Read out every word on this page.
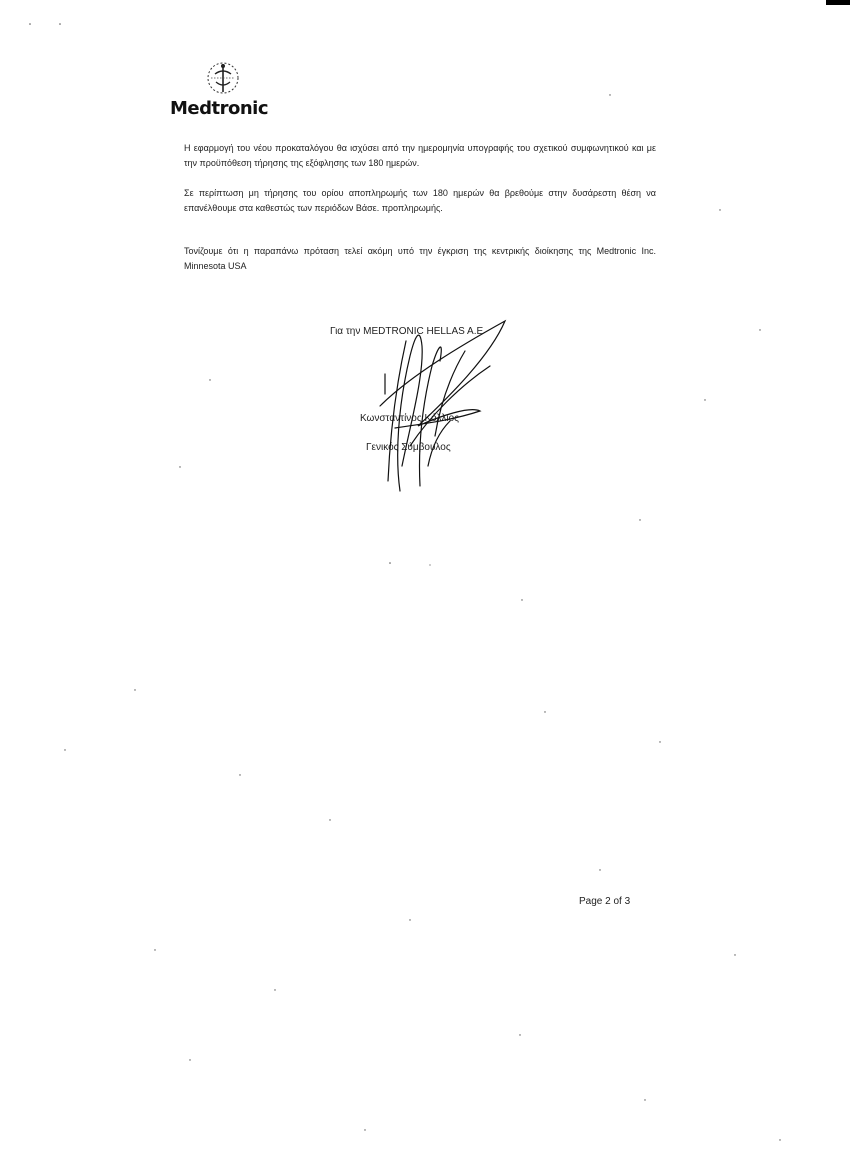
Medtronic
Η εφαρμογή του νέου προκαταλόγου θα ισχύσει από την ημερομηνία υπογραφής του σχετικού συμφωνητικού και με την προϋπόθεση τήρησης της εξόφλησης των 180 ημερών.
Σε περίπτωση μη τήρησης του ορίου αποπληρωμής των 180 ημερών θα βρεθούμε στην δυσάρεστη θέση να επανέλθουμε στα καθεστώς των περιόδων Βάσε. προπληρωμής.
Τονίζουμε ότι η παραπάνω πρόταση τελεί ακόμη υπό την έγκριση της κεντρικής διοίκησης της Medtronic Inc. Minnesota USA
Για την MEDTRONIC HELLAS A.E
Κωνσταντίνος Κόλλιος
Γενικός Σύμβουλος
Page 2 of 3
